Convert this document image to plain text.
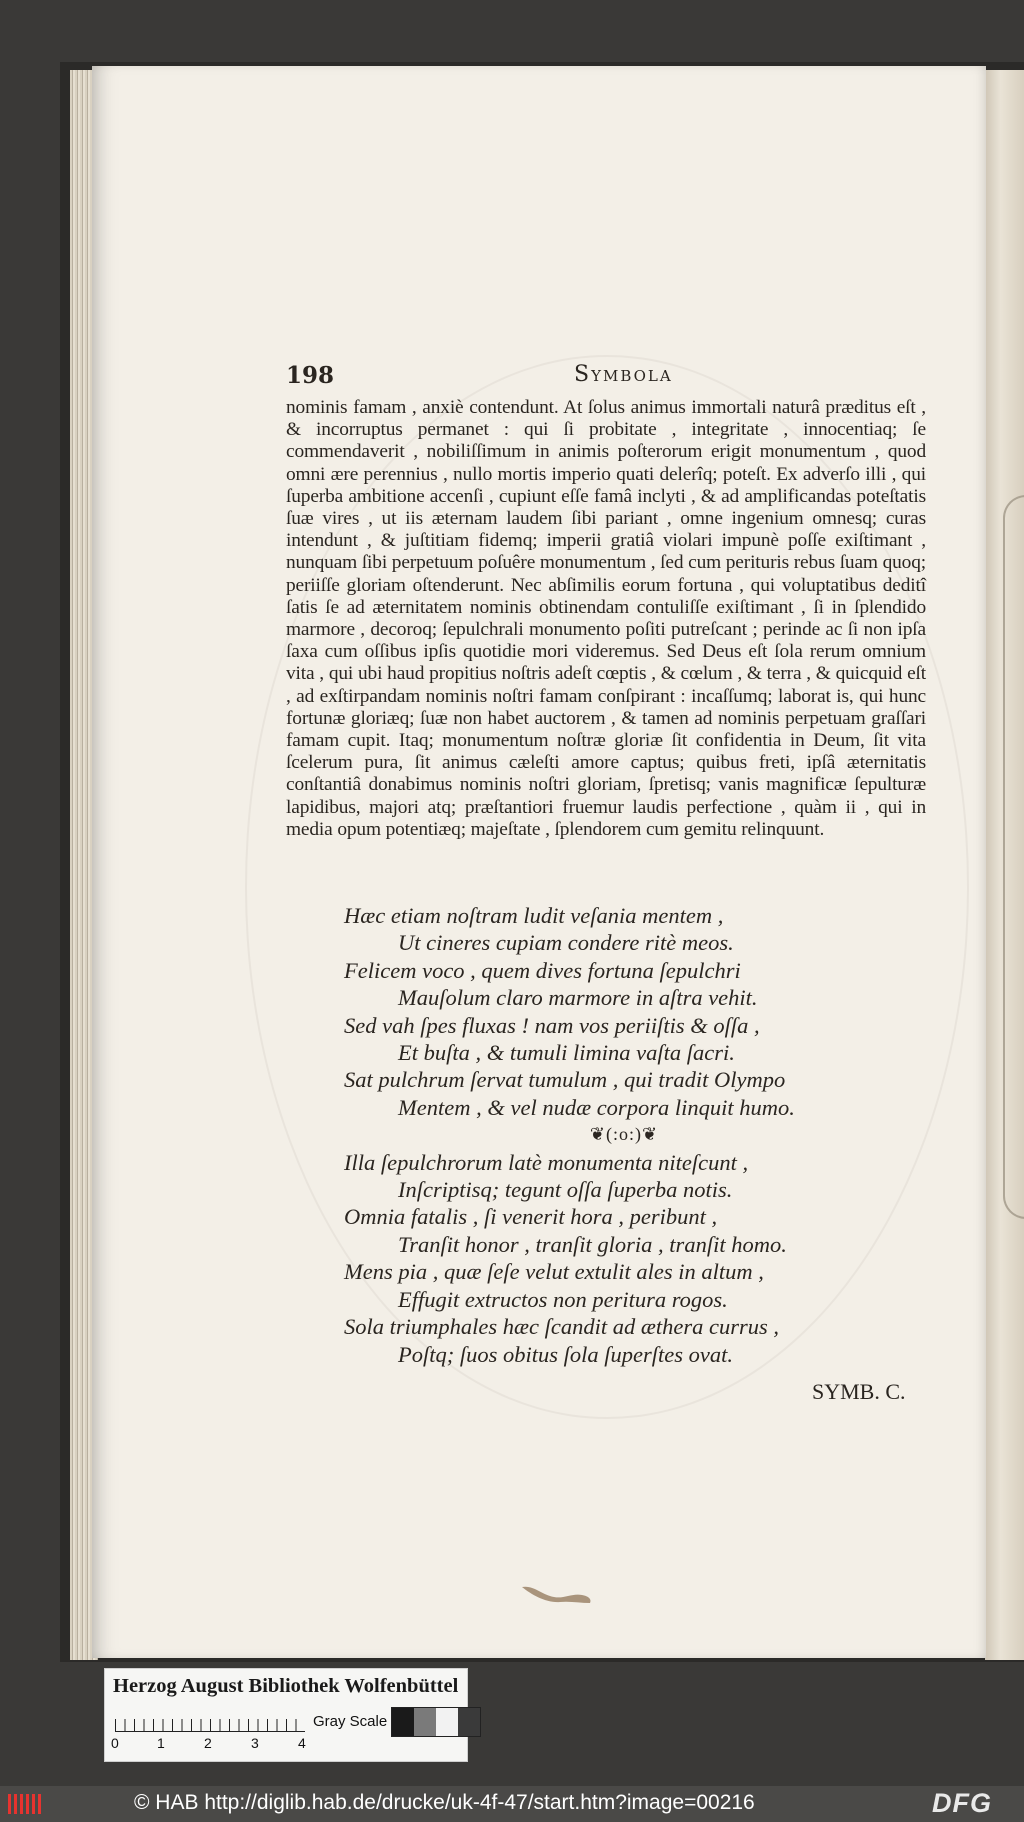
198	Symbola

nominis famam , anxiè contendunt. At ſolus animus immortali naturâ præditus eſt , & incorruptus permanet : qui ſi probitate , integritate , innocentiaq; ſe commendaverit , nobiliſſimum in animis poſterorum erigit monumentum , quod omni ære perennius , nullo mortis imperio quati delerîq; poteſt. Ex adverſo illi , qui ſuperba ambitione accenſi , cupiunt eſſe famâ inclyti , & ad amplificandas poteſtatis ſuæ vires , ut iis æternam laudem ſibi pariant , omne ingenium omnesq; curas intendunt , & juſtitiam fidemq; imperii gratiâ violari impunè poſſe exiſtimant , nunquam ſibi perpetuum poſuêre monumentum , ſed cum perituris rebus ſuam quoq; periiſſe gloriam oſtenderunt. Nec abſimilis eorum fortuna , qui voluptatibus deditî ſatis ſe ad æternitatem nominis obtinendam contuliſſe exiſtimant , ſi in ſplendido marmore , decoroq; ſepulchrali monumento poſiti putreſcant ; perinde ac ſi non ipſa ſaxa cum oſſibus ipſis quotidie mori videremus. Sed Deus eſt ſola rerum omnium vita , qui ubi haud propitius noſtris adeſt cœptis , & cœlum , & terra , & quicquid eſt , ad exſtirpandam nominis noſtri famam conſpirant : incaſſumq; laborat is, qui hunc fortunæ gloriæq; ſuæ non habet auctorem , & tamen ad nominis perpetuam graſſari famam cupit. Itaq; monumentum noſtræ gloriæ ſit confidentia in Deum, ſit vita ſcelerum pura, ſit animus cæleſti amore captus; quibus freti, ipſâ æternitatis conſtantiâ donabimus nominis noſtri gloriam, ſpretisq; vanis magnificæ ſepulturæ lapidibus, majori atq; præſtantiori fruemur laudis perfectione , quàm ii , qui in media opum potentiæq; majeſtate , ſplendorem cum gemitu relinquunt.

Hæc etiam noſtram ludit veſania mentem ,
Ut cineres cupiam condere ritè meos.
Felicem voco , quem dives fortuna ſepulchri
Mauſolum claro marmore in aſtra vehit.
Sed vah ſpes fluxas ! nam vos periiſtis & oſſa ,
Et buſta , & tumuli limina vaſta ſacri.
Sat pulchrum ſervat tumulum , qui tradit Olympo
Mentem , & vel nudæ corpora linquit humo.
❦(:o:)❦
Illa ſepulchrorum latè monumenta niteſcunt ,
Inſcriptisq; tegunt oſſa ſuperba notis.
Omnia fatalis , ſi venerit hora , peribunt ,
Tranſit honor , tranſit gloria , tranſit homo.
Mens pia , quæ ſeſe velut extulit ales in altum ,
Effugit extructos non peritura rogos.
Sola triumphales hæc ſcandit ad æthera currus ,
Poſtq; ſuos obitus ſola ſuperſtes ovat.
SYMB. C.
Herzog August Bibliothek Wolfenbüttel
0	1	2	3	4
Gray Scale
© HAB http://diglib.hab.de/drucke/uk-4f-47/start.htm?image=00216	DFG
